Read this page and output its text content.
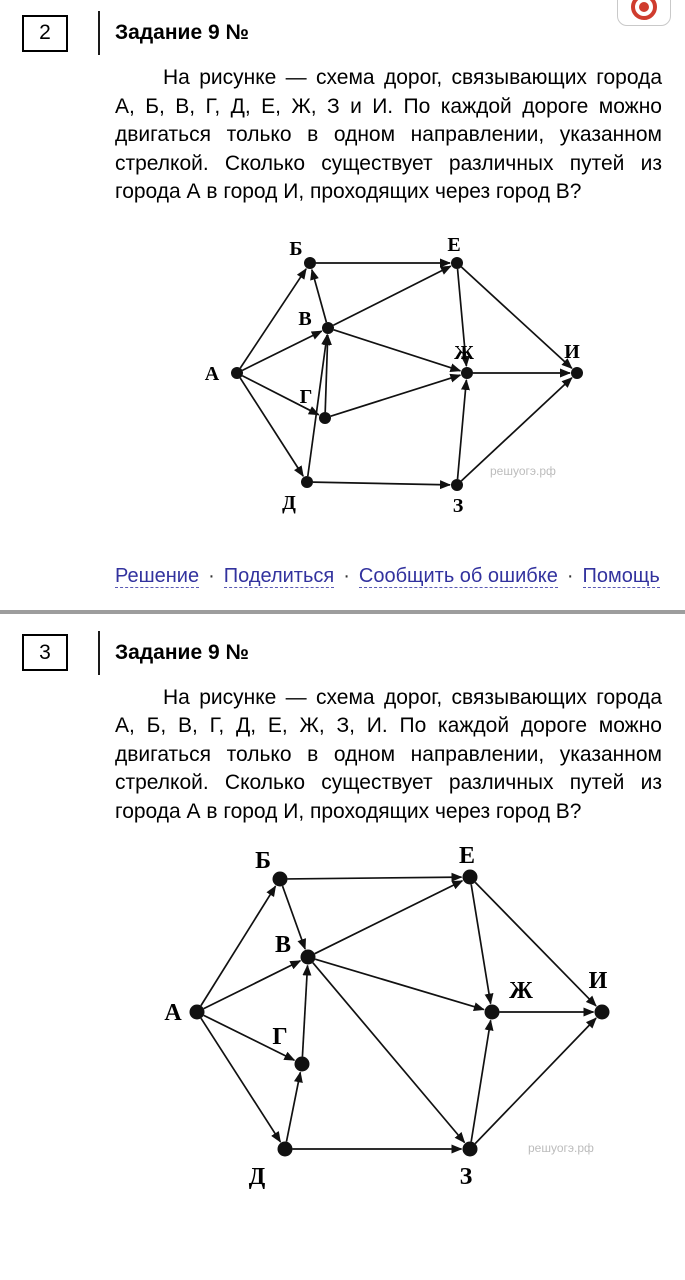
2	Задание 9 №

На рисунке — схема дорог, связывающих города А, Б, В, Г, Д, Е, Ж, З и И. По каждой дороге можно двигаться только в одном направлении, указанном стрелкой. Сколько существует различных путей из города А в город И, проходящих через город В?

А
Б
В
Г
Д
Е
Ж
З
И
решуогэ.рф
Решение · Поделиться · Сообщить об ошибке · Помощь
3	Задание 9 №

На рисунке — схема дорог, связывающих города А, Б, В, Г, Д, Е, Ж, З, И. По каждой дороге можно двигаться только в одном направлении, указанном стрелкой. Сколько существует различных путей из города А в город И, проходящих через город В?

А
Б
В
Г
Д
Е
Ж
З
И
решуогэ.рф
